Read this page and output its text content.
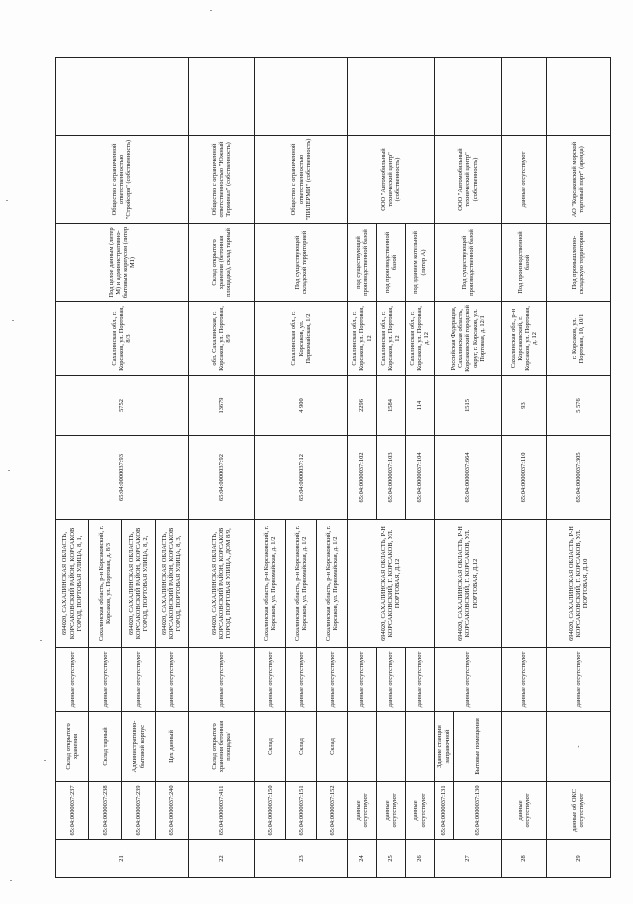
21	65:04:0000037:237	Склад открытого хранения	данные отсутствуют	694020, САХАЛИНСКАЯ ОБЛАСТЬ, КОРСАКОВСКИЙ РАЙОН, КОРСАКОВ ГОРОД, ПОРТОВАЯ УЛИЦА, 8, 1,	65:04:0000037:93	5752	Сахалинская обл., г. Корсаков, ул. Портовая, 8/3	Под целое данным (литер М) и административно-бытовым корпусом (литер М1)	Общество с ограниченной ответственностью "Стройсерв" (собственность)	
	65:04:0000037:238	Склад тарный	данные отсутствуют	Сахалинская область, р-н Корсаковский, г. Корсаков, ул. Портовая, д. 8/3						
	65:04:0000037:239	Административно-бытовой корпус	данные отсутствуют	694020, САХАЛИНСКАЯ ОБЛАСТЬ, КОРСАКОВСКИЙ РАЙОН, КОРСАКОВ ГОРОД, ПОРТОВАЯ УЛИЦА, 8, 2,						
	65:04:0000037:240	Цех данный	данные отсутствуют	694020, САХАЛИНСКАЯ ОБЛАСТЬ, КОРСАКОВСКИЙ РАЙОН, КОРСАКОВ ГОРОД, ПОРТОВАЯ УЛИЦА, 8, 3,						
22	65:04:0000037:411	Склад открытого хранения бетонная площадка/	данные отсутствуют	694020, САХАЛИНСКАЯ ОБЛАСТЬ, КОРСАКОВСКИЙ РАЙОН, КОРСАКОВ ГОРОД, ПОРТОВАЯ УЛИЦА, ДОМ 8/9,	65:04:0000037:92	13679	обл. Сахалинская, г. Корсаков, ул. Портовая, 8/9	Склад открытого хранения (бетонная площадка), склад тарный	Общество с ограниченной ответственностью "Южный Терминал" (собственность)	
23	65:04:0000037:150	Склад	данные отсутствуют	Сахалинская область, р-н Корсаковский, г. Корсаков, ул. Первомайская, д. 1/2	65:04:0000037:12	4 900	Сахалинская обл., г. Корсаков, ул. Первомайская, 1/2	Под существующей складской территорией	Общество с ограниченной ответственностью "ПИЛЕРМИ" (собственность)	
	65:04:0000037:151	Склад	данные отсутствуют	Сахалинская область, р-н Корсаковский, г. Корсаков, ул. Первомайская, д. 1/2						
	65:04:0000037:152	Склад	данные отсутствуют	Сахалинская область, р-н Корсаковский, г. Корсаков, ул. Первомайская, д. 1/2						
24	данные отсутствуют		данные отсутствуют	694020, САХАЛИНСКАЯ ОБЛАСТЬ, Р-Н КОРСАКОВСКИЙ, Г. КОРСАКОВ, УЛ. ПОРТОВАЯ, Д.12	65:04:0000037:102	2296	Сахалинская обл., г. Корсаков, ул. Портовая, 12	под существующей производственной базой	ООО "Автомобильный технический центр" (собственность)	
25	данные отсутствуют		данные отсутствуют		65:04:0000037:103	1584	Сахалинская обл., г. Корсаков, ул. Портовая, 12	под производственной базой		
26	данные отсутствуют		данные отсутствуют		65:04:0000037:104	114	Сахалинская обл., г. Корсаков, ул. Портовая, д. 12	под зданием котельной (литер А)		
27	65:04:0000037:131	Здание станции заправочной	данные отсутствуют	694020, САХАЛИНСКАЯ ОБЛАСТЬ, Р-Н КОРСАКОВСКИЙ, Г. КОРСАКОВ, УЛ. ПОРТОВАЯ, Д.12	65:04:0000037:664	1515	Российская Федерация, Сахалинская область, Корсаковский городской округ, г. Корсаков, ул. Портовая, д. 12/1	Под существующей производственной базой	ООО "Автомобильный технический центр" (собственность)	
	65:04:0000037:130	Бытовые помещения								
28	данные отсутствуют		данные отсутствуют		65:04:0000037:110	93	Сахалинская обл., р-н Корсаковский, г. Корсаков, ул. Портовая, д. 12	Под производственной базой	данные отсутствуют	
29	данные об ОКС отсутствуют	-	данные отсутствуют	694020, САХАЛИНСКАЯ ОБЛАСТЬ, Р-Н КОРСАКОВСКИЙ, Г. КОРСАКОВ, УЛ. ПОРТОВАЯ, Д.10	65:04:0000037:305	5 576	г. Корсаков, ул. Портовая, 10, 10/1	Под промышленно-складскую территорию	АО "Корсаковский морской торговый порт" (аренда)	
